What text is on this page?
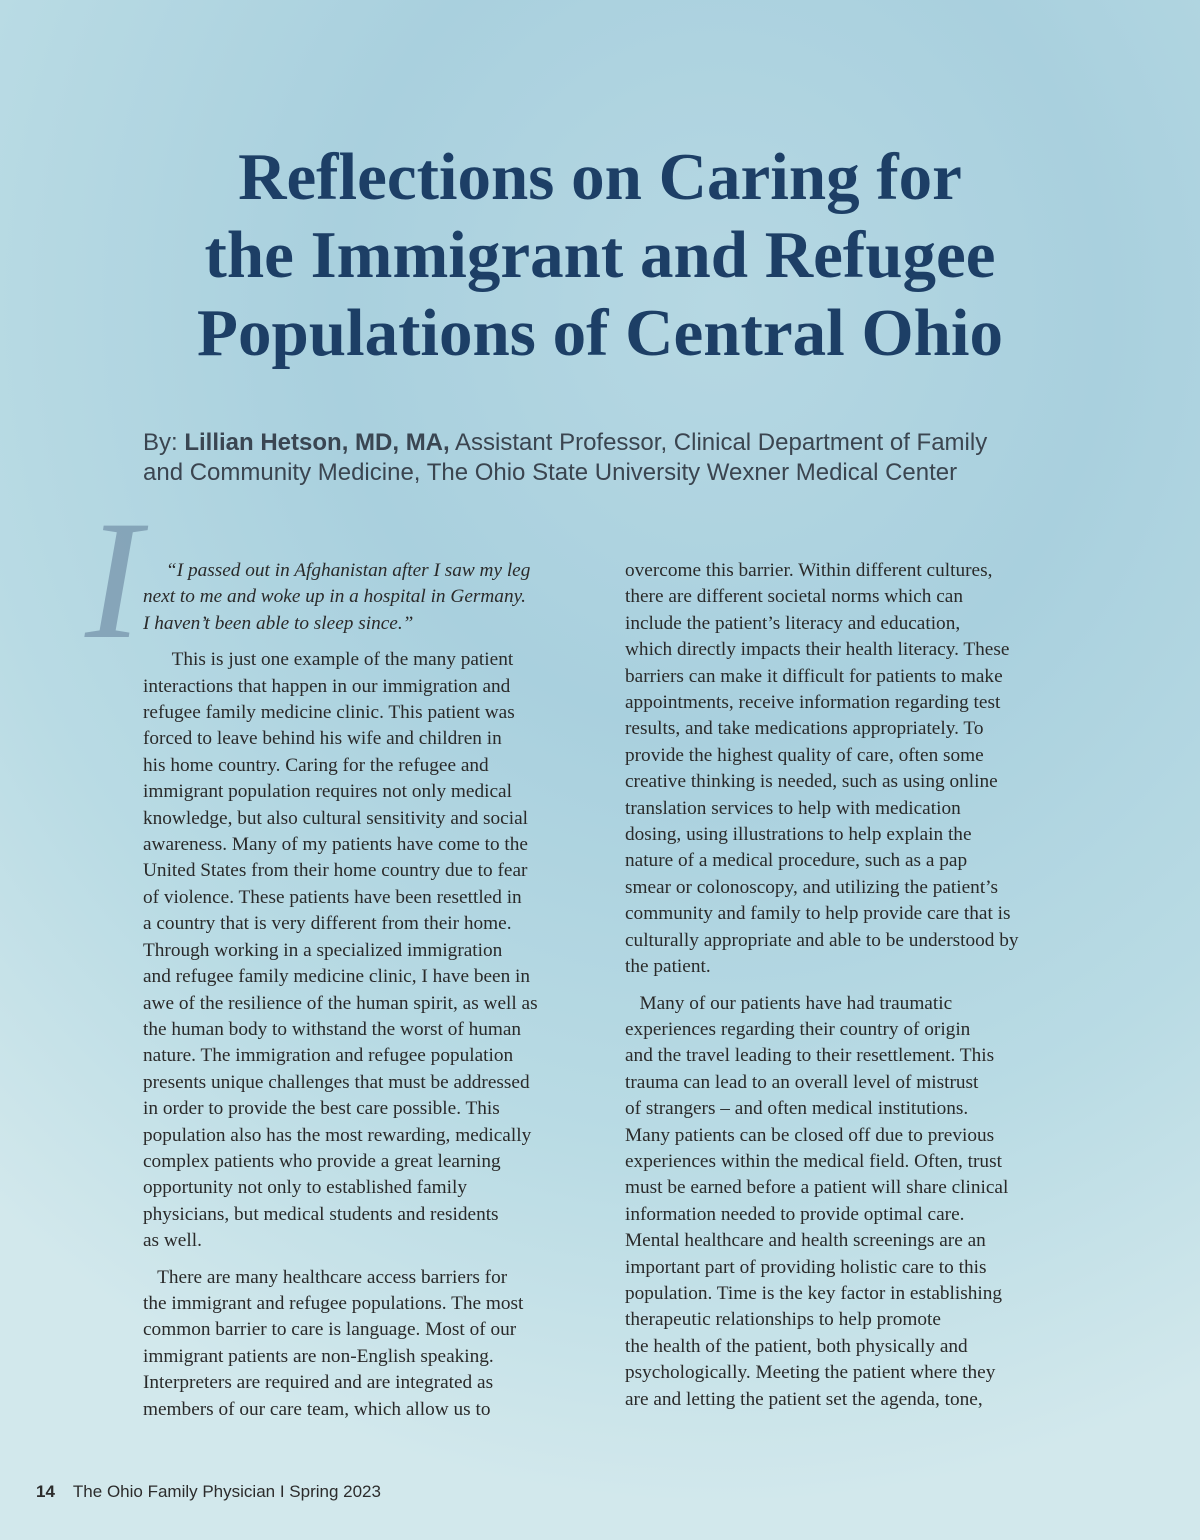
Reflections on Caring for
the Immigrant and Refugee
Populations of Central Ohio
By: Lillian Hetson, MD, MA, Assistant Professor, Clinical Department of Family
and Community Medicine, The Ohio State University Wexner Medical Center
I “I passed out in Afghanistan after I saw my leg
next to me and woke up in a hospital in Germany.
I haven’t been able to sleep since.”

This is just one example of the many patient
interactions that happen in our immigration and
refugee family medicine clinic. This patient was
forced to leave behind his wife and children in
his home country. Caring for the refugee and
immigrant population requires not only medical
knowledge, but also cultural sensitivity and social
awareness. Many of my patients have come to the
United States from their home country due to fear
of violence. These patients have been resettled in
a country that is very different from their home.
Through working in a specialized immigration
and refugee family medicine clinic, I have been in
awe of the resilience of the human spirit, as well as
the human body to withstand the worst of human
nature. The immigration and refugee population
presents unique challenges that must be addressed
in order to provide the best care possible. This
population also has the most rewarding, medically
complex patients who provide a great learning
opportunity not only to established family
physicians, but medical students and residents
as well.

There are many healthcare access barriers for
the immigrant and refugee populations. The most
common barrier to care is language. Most of our
immigrant patients are non-English speaking.
Interpreters are required and are integrated as
members of our care team, which allow us to

overcome this barrier. Within different cultures,
there are different societal norms which can
include the patient’s literacy and education,
which directly impacts their health literacy. These
barriers can make it difficult for patients to make
appointments, receive information regarding test
results, and take medications appropriately. To
provide the highest quality of care, often some
creative thinking is needed, such as using online
translation services to help with medication
dosing, using illustrations to help explain the
nature of a medical procedure, such as a pap
smear or colonoscopy, and utilizing the patient’s
community and family to help provide care that is
culturally appropriate and able to be understood by
the patient.

Many of our patients have had traumatic
experiences regarding their country of origin
and the travel leading to their resettlement. This
trauma can lead to an overall level of mistrust
of strangers – and often medical institutions.
Many patients can be closed off due to previous
experiences within the medical field. Often, trust
must be earned before a patient will share clinical
information needed to provide optimal care.
Mental healthcare and health screenings are an
important part of providing holistic care to this
population. Time is the key factor in establishing
therapeutic relationships to help promote
the health of the patient, both physically and
psychologically. Meeting the patient where they
are and letting the patient set the agenda, tone,

14 The Ohio Family Physician I Spring 2023
